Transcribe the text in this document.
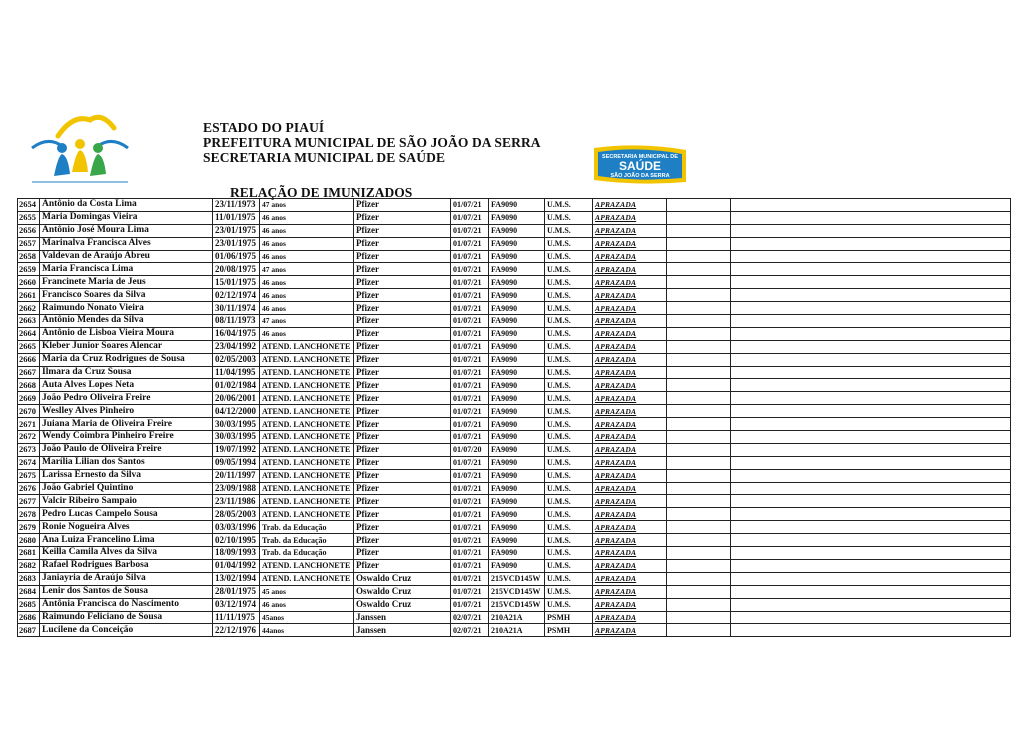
ESTADO DO PIAUÍ
PREFEITURA MUNICIPAL DE SÃO JOÃO DA SERRA
SECRETARIA MUNICIPAL DE SAÚDE	SECRETARIA MUNICIPAL DE
SAÚDE
SÃO JOÃO DA SERRA
RELAÇÃO DE IMUNIZADOS
2654	Antônio da Costa Lima	23/11/1973	47 anos	Pfizer	01/07/21	FA9090	U.M.S.	APRAZADA		
2655	Maria Domingas Vieira	11/01/1975	46 anos	Pfizer	01/07/21	FA9090	U.M.S.	APRAZADA		
2656	Antônio José Moura Lima	23/01/1975	46 anos	Pfizer	01/07/21	FA9090	U.M.S.	APRAZADA		
2657	Marinalva Francisca Alves	23/01/1975	46 anos	Pfizer	01/07/21	FA9090	U.M.S.	APRAZADA		
2658	Valdevan de Araújo Abreu	01/06/1975	46 anos	Pfizer	01/07/21	FA9090	U.M.S.	APRAZADA		
2659	Maria Francisca Lima	20/08/1975	47 anos	Pfizer	01/07/21	FA9090	U.M.S.	APRAZADA		
2660	Francinete Maria de Jeus	15/01/1975	46 anos	Pfizer	01/07/21	FA9090	U.M.S.	APRAZADA		
2661	Francisco Soares da Silva	02/12/1974	46 anos	Pfizer	01/07/21	FA9090	U.M.S.	APRAZADA		
2662	Raimundo Nonato Vieira	30/11/1974	46 anos	Pfizer	01/07/21	FA9090	U.M.S.	APRAZADA		
2663	Antônio Mendes da Silva	08/11/1973	47 anos	Pfizer	01/07/21	FA9090	U.M.S.	APRAZADA		
2664	Antônio de Lisboa Vieira Moura	16/04/1975	46 anos	Pfizer	01/07/21	FA9090	U.M.S.	APRAZADA		
2665	Kleber Junior Soares Alencar	23/04/1992	ATEND. LANCHONETE	Pfizer	01/07/21	FA9090	U.M.S.	APRAZADA		
2666	Maria da Cruz Rodrigues de Sousa	02/05/2003	ATEND. LANCHONETE	Pfizer	01/07/21	FA9090	U.M.S.	APRAZADA		
2667	Ilmara da Cruz Sousa	11/04/1995	ATEND. LANCHONETE	Pfizer	01/07/21	FA9090	U.M.S.	APRAZADA		
2668	Auta Alves Lopes Neta	01/02/1984	ATEND. LANCHONETE	Pfizer	01/07/21	FA9090	U.M.S.	APRAZADA		
2669	João Pedro Oliveira Freire	20/06/2001	ATEND. LANCHONETE	Pfizer	01/07/21	FA9090	U.M.S.	APRAZADA		
2670	Weslley Alves Pinheiro	04/12/2000	ATEND. LANCHONETE	Pfizer	01/07/21	FA9090	U.M.S.	APRAZADA		
2671	Juiana Maria de Oliveira Freire	30/03/1995	ATEND. LANCHONETE	Pfizer	01/07/21	FA9090	U.M.S.	APRAZADA		
2672	Wendy Coimbra Pinheiro Freire	30/03/1995	ATEND. LANCHONETE	Pfizer	01/07/21	FA9090	U.M.S.	APRAZADA		
2673	João Paulo de Oliveira Freire	19/07/1992	ATEND. LANCHONETE	Pfizer	01/07/20	FA9090	U.M.S.	APRAZADA		
2674	Marília Lilian dos Santos	09/05/1994	ATEND. LANCHONETE	Pfizer	01/07/21	FA9090	U.M.S.	APRAZADA		
2675	Larissa Ernesto da Silva	20/11/1997	ATEND. LANCHONETE	Pfizer	01/07/21	FA9090	U.M.S.	APRAZADA		
2676	João Gabriel Quintino	23/09/1988	ATEND. LANCHONETE	Pfizer	01/07/21	FA9090	U.M.S.	APRAZADA		
2677	Valcir Ribeiro Sampaio	23/11/1986	ATEND. LANCHONETE	Pfizer	01/07/21	FA9090	U.M.S.	APRAZADA		
2678	Pedro Lucas Campelo Sousa	28/05/2003	ATEND. LANCHONETE	Pfizer	01/07/21	FA9090	U.M.S.	APRAZADA		
2679	Ronie Nogueira Alves	03/03/1996	Trab. da Educação	Pfizer	01/07/21	FA9090	U.M.S.	APRAZADA		
2680	Ana Luiza Francelino Lima	02/10/1995	Trab. da Educação	Pfizer	01/07/21	FA9090	U.M.S.	APRAZADA		
2681	Keilla Camila Alves da Silva	18/09/1993	Trab. da Educação	Pfizer	01/07/21	FA9090	U.M.S.	APRAZADA		
2682	Rafael Rodrigues Barbosa	01/04/1992	ATEND. LANCHONETE	Pfizer	01/07/21	FA9090	U.M.S.	APRAZADA		
2683	Janiayria de Araújo Silva	13/02/1994	ATEND. LANCHONETE	Oswaldo Cruz	01/07/21	215VCD145W	U.M.S.	APRAZADA		
2684	Lenir dos Santos de Sousa	28/01/1975	45 anos	Oswaldo Cruz	01/07/21	215VCD145W	U.M.S.	APRAZADA		
2685	Antônia Francisca do Nascimento	03/12/1974	46 anos	Oswaldo Cruz	01/07/21	215VCD145W	U.M.S.	APRAZADA		
2686	Raimundo Feliciano de Sousa	11/11/1975	45anos	Janssen	02/07/21	210A21A	PSMH	APRAZADA		
2687	Lucilene da Conceição	22/12/1976	44anos	Janssen	02/07/21	210A21A	PSMH	APRAZADA		
